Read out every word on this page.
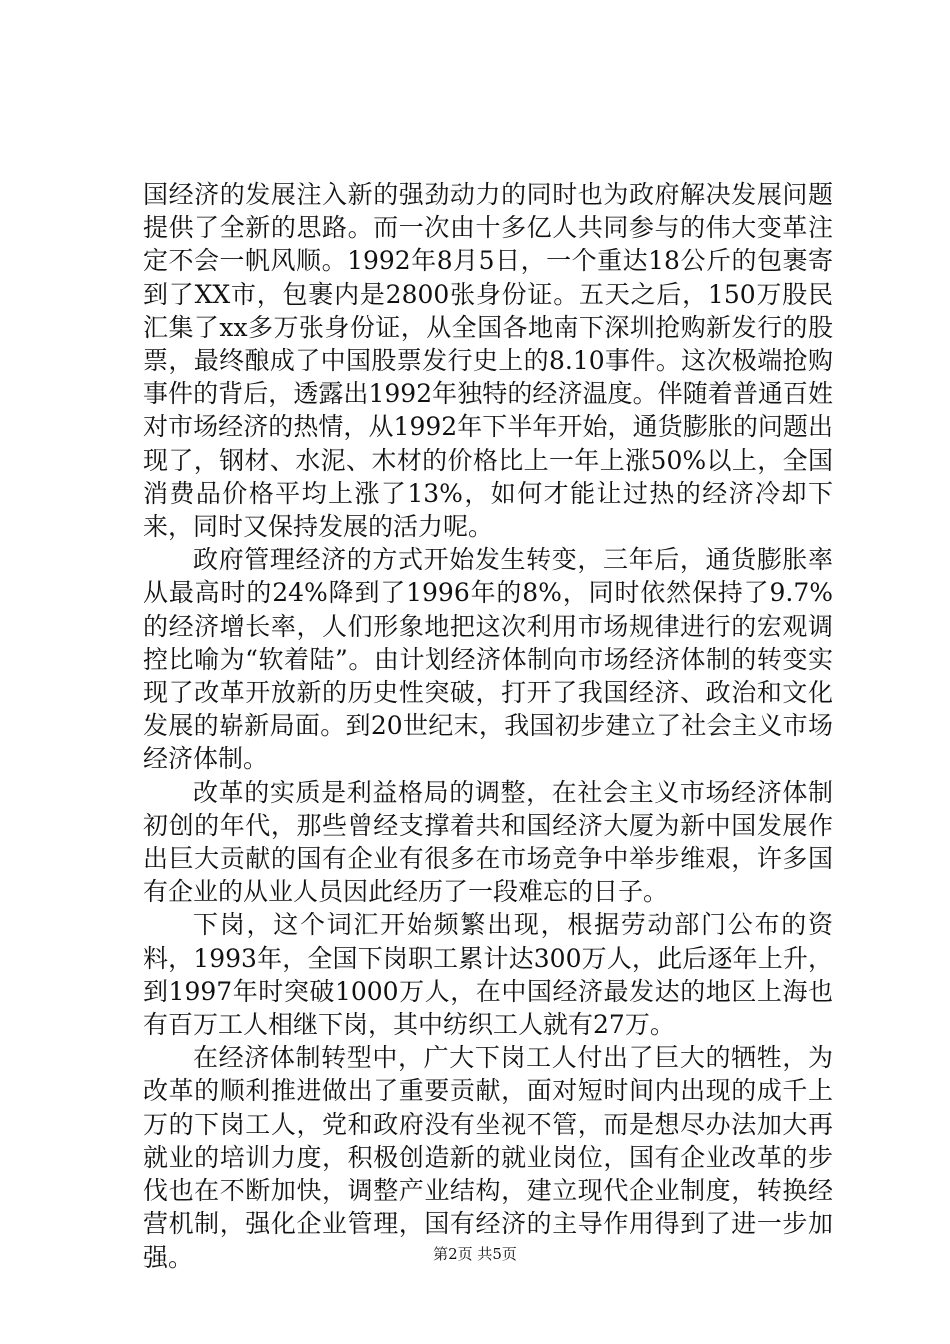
国经济的发展注入新的强劲动力的同时也为政府解决发展问题提供了全新的思路。而一次由十多亿人共同参与的伟大变革注定不会一帆风顺。1992年8月5日，一个重达18公斤的包裹寄到了XX市，包裹内是2800张身份证。五天之后，150万股民汇集了xx多万张身份证，从全国各地南下深圳抢购新发行的股票，最终酿成了中国股票发行史上的8.10事件。这次极端抢购事件的背后，透露出1992年独特的经济温度。伴随着普通百姓对市场经济的热情，从1992年下半年开始，通货膨胀的问题出现了，钢材、水泥、木材的价格比上一年上涨50%以上，全国消费品价格平均上涨了13%，如何才能让过热的经济冷却下来，同时又保持发展的活力呢。

政府管理经济的方式开始发生转变，三年后，通货膨胀率从最高时的24%降到了1996年的8%，同时依然保持了9.7%的经济增长率，人们形象地把这次利用市场规律进行的宏观调控比喻为“软着陆”。由计划经济体制向市场经济体制的转变实现了改革开放新的历史性突破，打开了我国经济、政治和文化发展的崭新局面。到20世纪末，我国初步建立了社会主义市场经济体制。

改革的实质是利益格局的调整，在社会主义市场经济体制初创的年代，那些曾经支撑着共和国经济大厦为新中国发展作出巨大贡献的国有企业有很多在市场竞争中举步维艰，许多国有企业的从业人员因此经历了一段难忘的日子。

下岗，这个词汇开始频繁出现，根据劳动部门公布的资料，1993年，全国下岗职工累计达300万人，此后逐年上升，到1997年时突破1000万人，在中国经济最发达的地区上海也有百万工人相继下岗，其中纺织工人就有27万。

在经济体制转型中，广大下岗工人付出了巨大的牺牲，为改革的顺利推进做出了重要贡献，面对短时间内出现的成千上万的下岗工人，党和政府没有坐视不管，而是想尽办法加大再就业的培训力度，积极创造新的就业岗位，国有企业改革的步伐也在不断加快，调整产业结构，建立现代企业制度，转换经营机制，强化企业管理，国有经济的主导作用得到了进一步加强。	第2页 共5页
